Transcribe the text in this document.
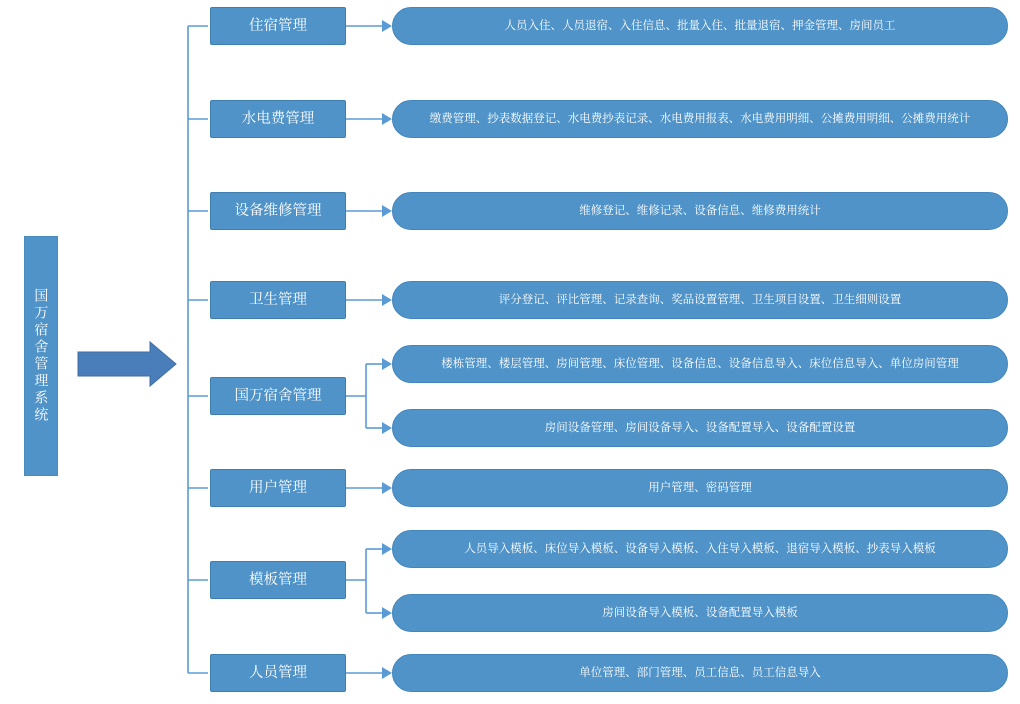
国万宿舍管理系统
住宿管理
水电费管理
设备维修管理
卫生管理
国万宿舍管理
用户管理
模板管理
人员管理
人员入住、人员退宿、入住信息、批量入住、批量退宿、押金管理、房间员工
缴费管理、抄表数据登记、水电费抄表记录、水电费用报表、水电费用明细、公摊费用明细、公摊费用统计
维修登记、维修记录、设备信息、维修费用统计
评分登记、评比管理、记录查询、奖品设置管理、卫生项目设置、卫生细则设置
楼栋管理、楼层管理、房间管理、床位管理、设备信息、设备信息导入、床位信息导入、单位房间管理
房间设备管理、房间设备导入、设备配置导入、设备配置设置
用户管理、密码管理
人员导入模板、床位导入模板、设备导入模板、入住导入模板、退宿导入模板、抄表导入模板
房间设备导入模板、设备配置导入模板
单位管理、部门管理、员工信息、员工信息导入
